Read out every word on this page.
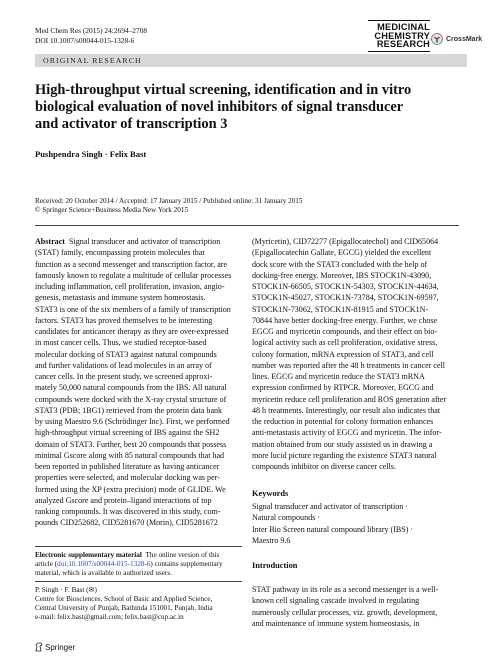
Med Chem Res (2015) 24:2694–2708
DOI 10.1007/s00044-015-1328-6
MEDICINAL
CHEMISTRY
RESEARCH
CrossMark
ORIGINAL RESEARCH
High-throughput virtual screening, identification and in vitro
biological evaluation of novel inhibitors of signal transducer
and activator of transcription 3
Pushpendra Singh · Felix Bast
Received: 20 October 2014 / Accepted: 17 January 2015 / Published online: 31 January 2015
© Springer Science+Business Media New York 2015

Abstract Signal transducer and activator of transcription

(STAT) family, encompassing protein molecules that

function as a second messenger and transcription factor, are

famously known to regulate a multitude of cellular processes

including inflammation, cell proliferation, invasion, angio-

genesis, metastasis and immune system homeostasis.

STAT3 is one of the six members of a family of transcription

factors. STAT3 has proved themselves to be interesting

candidates for anticancer therapy as they are over-expressed

in most cancer cells. Thus, we studied receptor-based

molecular docking of STAT3 against natural compounds

and further validations of lead molecules in an array of

cancer cells. In the present study, we screened approxi-

mately 50,000 natural compounds from the IBS. All natural

compounds were docked with the X-ray crystal structure of

STAT3 (PDB; 1BG1) retrieved from the protein data bank

by using Maestro 9.6 (Schrödinger Inc). First, we performed

high-throughput virtual screening of IBS against the SH2

domain of STAT3. Further, best 20 compounds that possess

minimal Gscore along with 85 natural compounds that had

been reported in published literature as having anticancer

properties were selected, and molecular docking was per-

formed using the XP (extra precision) mode of GLIDE. We

analyzed Gscore and protein–ligand interactions of top

ranking compounds. It was discovered in this study, com-

pounds CID252682, CID5281670 (Morin), CID5281672

(Myricetin), CID72277 (Epigallocatechol) and CID65064

(Epigallocatechin Gallate, EGCG) yielded the excellent

dock score with the STAT3 concluded with the help of

docking-free energy. Moreover, IBS STOCK1N-43090,

STOCK1N-66505, STOCK1N-54303, STOCK1N-44634,

STOCK1N-45027, STOCK1N-73784, STOCK1N-69597,

STOCK1N-73062, STOCK1N-81915 and STOCK1N-

70844 have better docking-free energy. Further, we chose

EGCG and myricetin compounds, and their effect on bio-

logical activity such as cell proliferation, oxidative stress,

colony formation, mRNA expression of STAT3, and cell

number was reported after the 48 h treatments in cancer cell

lines. EGCG and myricetin reduce the STAT3 mRNA

expression confirmed by RTPCR. Moreover, EGCG and

myricetin reduce cell proliferation and ROS generation after

48 h treatments. Interestingly, our result also indicates that

the reduction in potential for colony formation enhances

anti-metastasis activity of EGCG and myricetin. The infor-

mation obtained from our study assisted us in drawing a

more lucid picture regarding the existence STAT3 natural

compounds inhibitor on diverse cancer cells.

Keywords
Signal transducer and activator of transcription ·
Natural compounds ·
Inter Bio Screen natural compound library (IBS) ·
Maestro 9.6
Electronic supplementary material The online version of this
article (doi:10.1007/s00044-015-1328-6) contains supplementary
material, which is available to authorized users.
P. Singh · F. Bast (✉)
Centre for Biosciences, School of Basic and Applied Science,
Central University of Punjab, Bathinda 151001, Punjab, India
e-mail: felix.bast@gmail.com; felix.bast@cup.ac.in
Introduction

STAT pathway in its role as a second messenger is a well-

known cell signaling cascade involved in regulating

numerously cellular processes, viz. growth, development,

and maintenance of immune system homeostasis, in

Springer
